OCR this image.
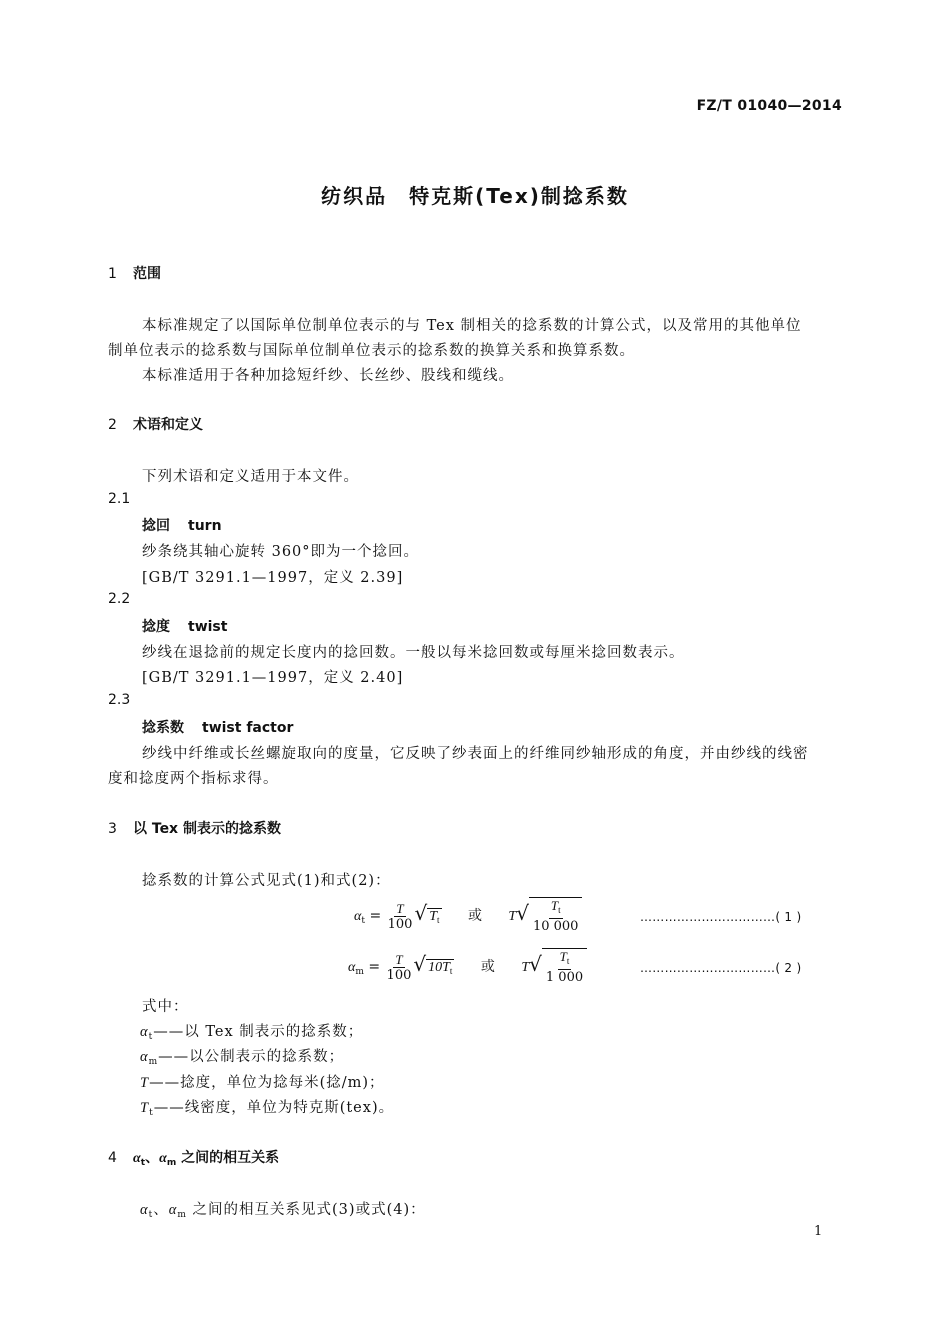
FZ/T 01040—2014
纺织品　特克斯(Tex)制捻系数
1 范围
本标准规定了以国际单位制单位表示的与 Tex 制相关的捻系数的计算公式，以及常用的其他单位
制单位表示的捻系数与国际单位制单位表示的捻系数的换算关系和换算系数。
本标准适用于各种加捻短纤纱、长丝纱、股线和缆线。
2 术语和定义
下列术语和定义适用于本文件。
2.1
捻回 turn
纱条绕其轴心旋转 360°即为一个捻回。
[GB/T 3291.1—1997，定义 2.39]
2.2
捻度 twist
纱线在退捻前的规定长度内的捻回数。一般以每米捻回数或每厘米捻回数表示。
[GB/T 3291.1—1997，定义 2.40]
2.3
捻系数 twist factor
纱线中纤维或长丝螺旋取向的度量，它反映了纱表面上的纤维同纱轴形成的角度，并由纱线的线密
度和捻度两个指标求得。
3 以 Tex 制表示的捻系数
捻系数的计算公式见式(1)和式(2)：
$\alpha_t = \frac{T}{100}$ √ $T_t$ 或 $T√ \frac{T_t}{10 000}$	……………………………( 1 )
$\alpha_m = \frac{T}{100}$ √ $10T_t$ 或 $T√ \frac{T_t}{1 000}$	……………………………( 2 )
式中：
$\alpha_t——$以 Tex 制表示的捻系数；
$\alpha_m——$以公制表示的捻系数；
T——捻度，单位为捻每米(捻/m)；
$T_t——$线密度，单位为特克斯(tex)。
4 $\alpha_t$、$\alpha_m$ 之间的相互关系
$\alpha_t$、$\alpha_m$ 之间的相互关系见式(3)或式(4)：
1
